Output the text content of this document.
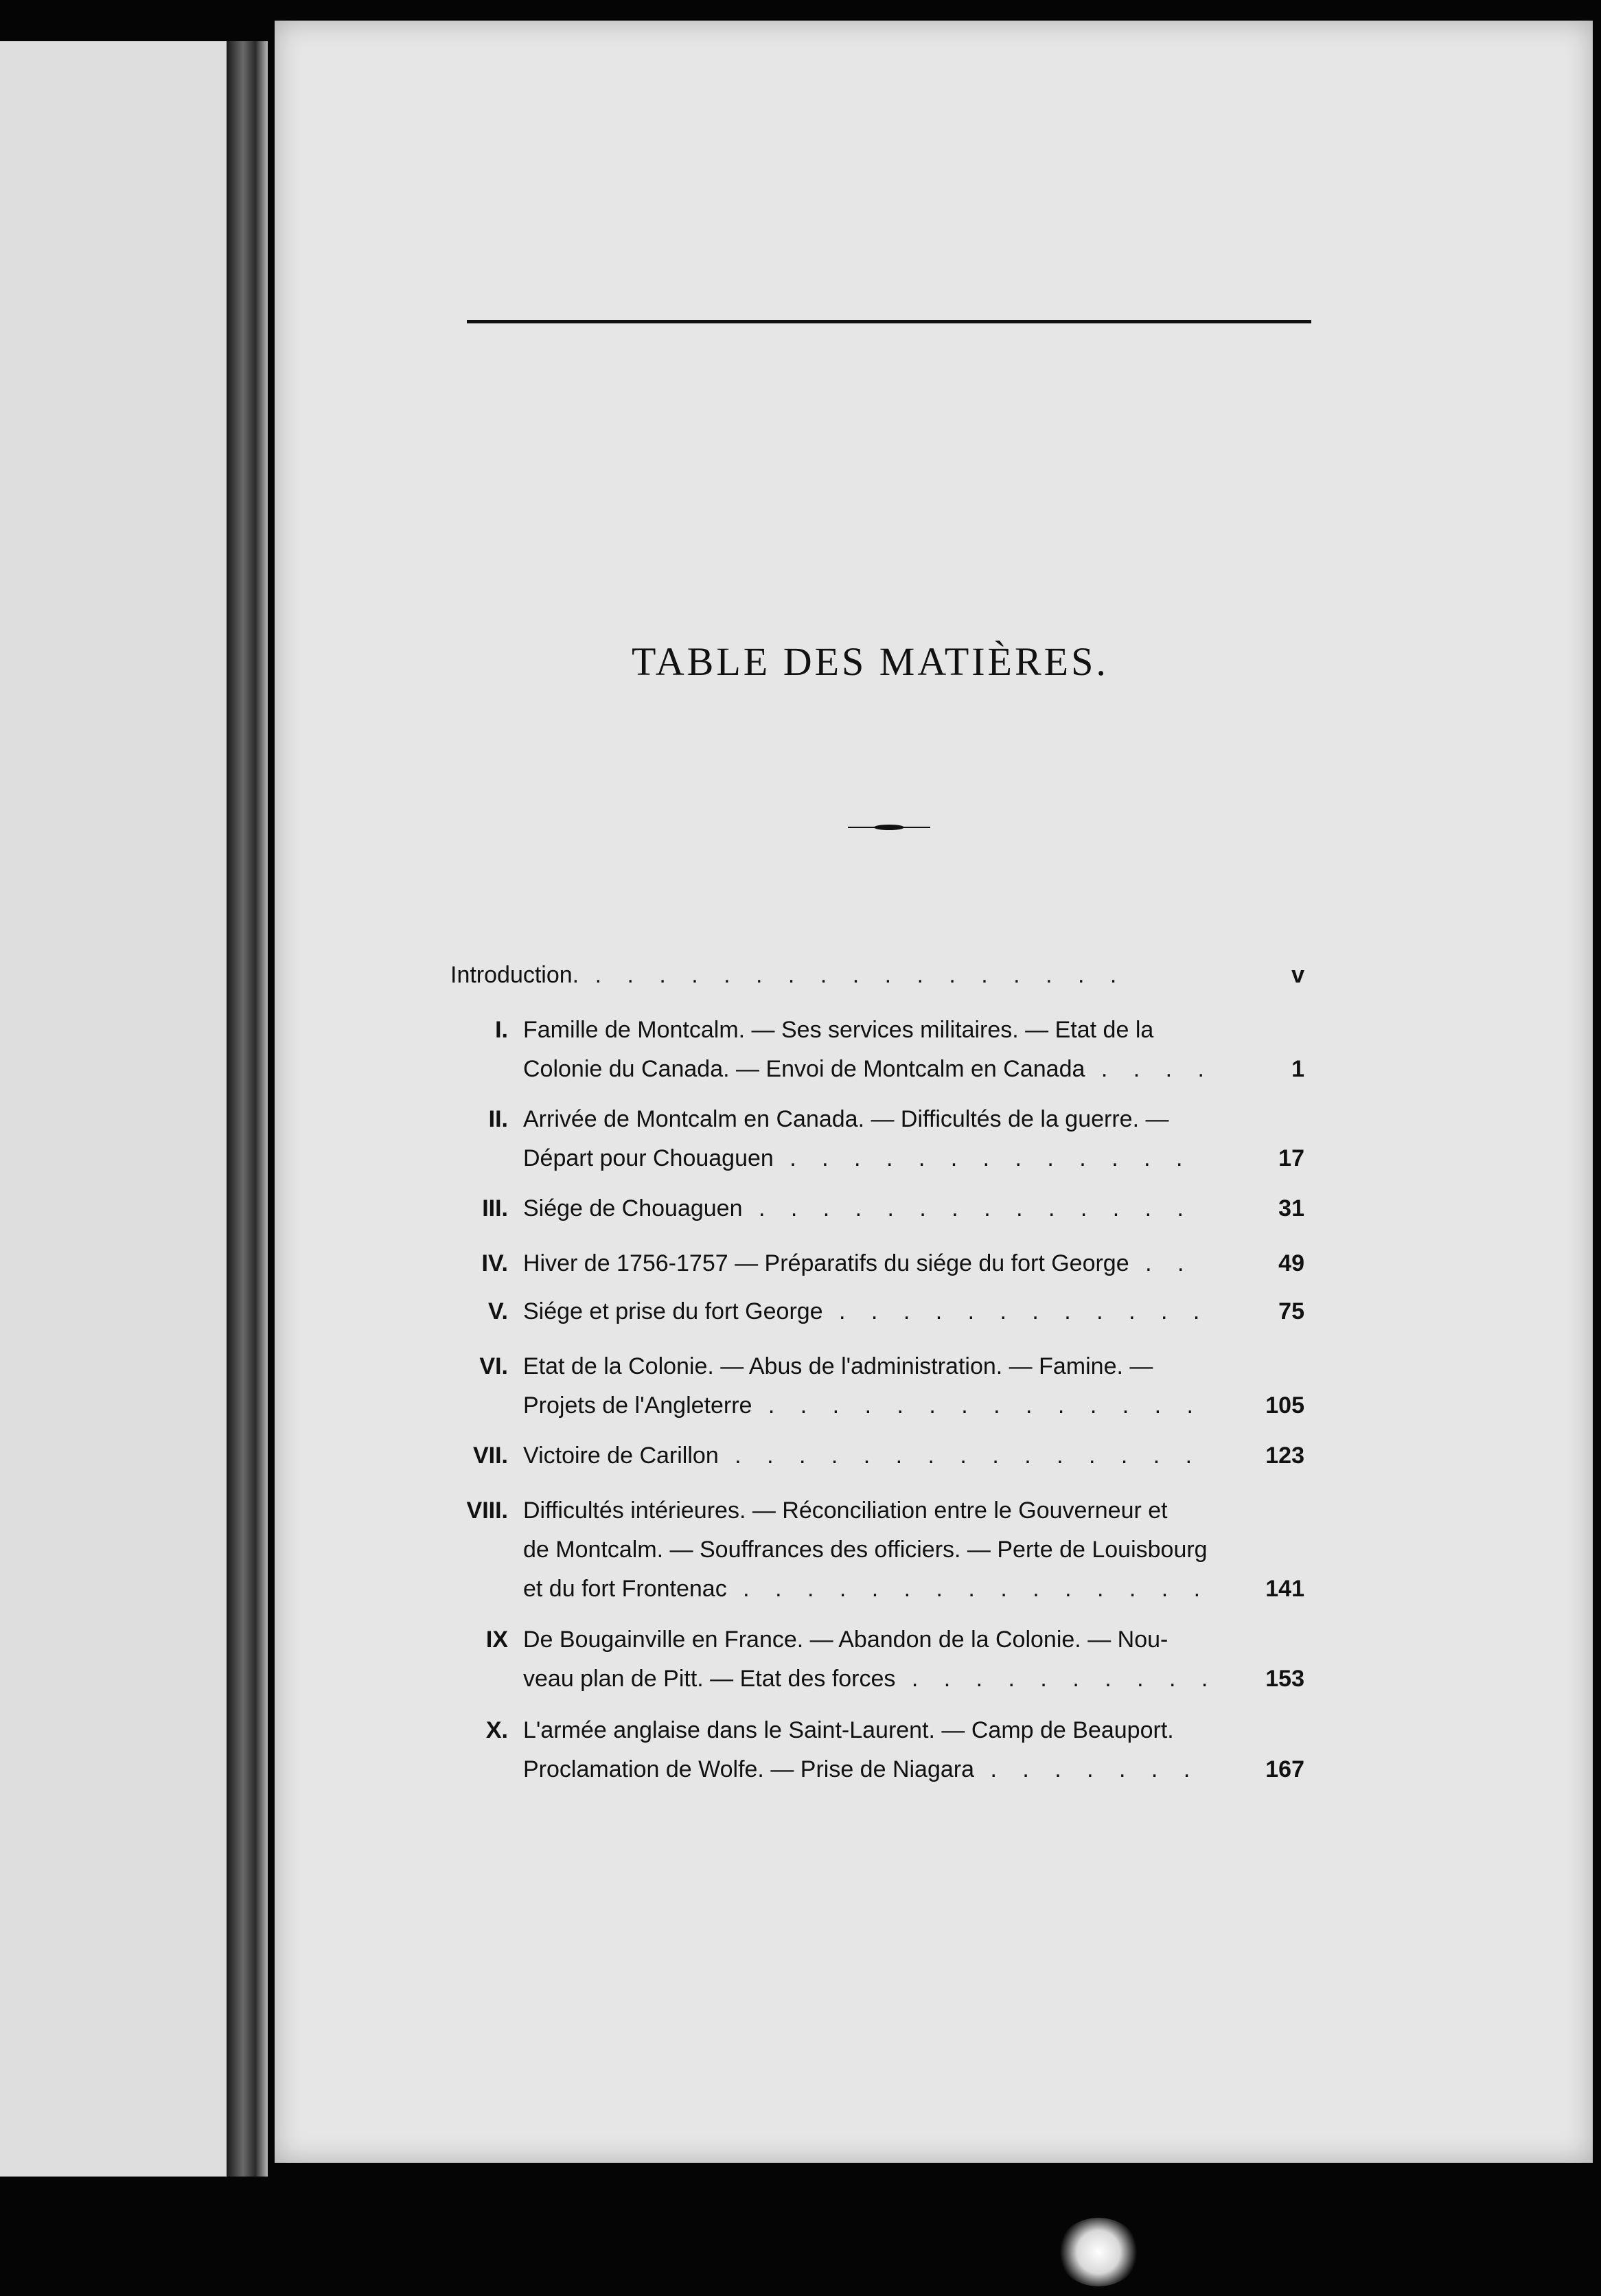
TABLE DES MATIÈRES.
Introduction. . . .	v
I. Famille de Montcalm. — Ses services militaires. — Etat de la
Colonie du Canada. — Envoi de Montcalm en Canada . . .	1
II. Arrivée de Montcalm en Canada. — Difficultés de la guerre. —
Départ pour Chouaguen . . .	17
III. Siége de Chouaguen . . .	31
IV. Hiver de 1756-1757 — Préparatifs du siége du fort George . . .	49
V. Siége et prise du fort George . . .	75
VI. Etat de la Colonie. — Abus de l'administration. — Famine. —
Projets de l'Angleterre . . .	105
VII. Victoire de Carillon . . .	123
VIII. Difficultés intérieures. — Réconciliation entre le Gouverneur et
de Montcalm. — Souffrances des officiers. — Perte de Louisbourg
et du fort Frontenac . . .	141
IX De Bougainville en France. — Abandon de la Colonie. — Nou-
veau plan de Pitt. — Etat des forces . . .	153
X. L'armée anglaise dans le Saint-Laurent. — Camp de Beauport.
Proclamation de Wolfe. — Prise de Niagara . . .	167
